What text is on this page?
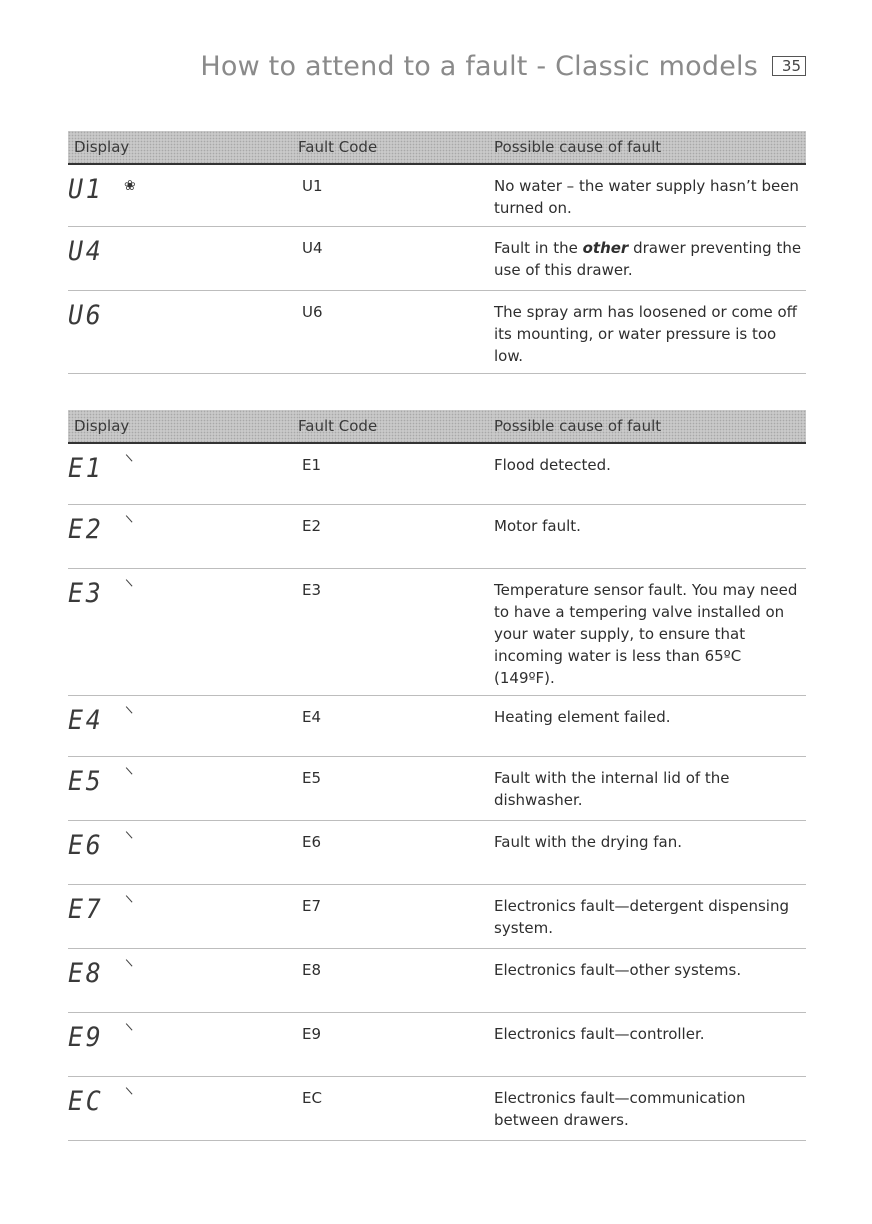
How to attend to a fault - Classic models	35
Display	Fault Code	Possible cause of fault

U1 ❀	U1	No water – the water supply hasn’t been turned on.

U4	U4	Fault in the other drawer preventing the use of this drawer.

U6	U6	The spray arm has loosened or come off its mounting, or water pressure is too low.
Display	Fault Code	Possible cause of fault

E1	E1	Flood detected.

E2	E2	Motor fault.

E3	E3	Temperature sensor fault. You may need to have a tempering valve installed on your water supply, to ensure that incoming water is less than 65ºC (149ºF).

E4	E4	Heating element failed.

E5	E5	Fault with the internal lid of the dishwasher.

E6	E6	Fault with the drying fan.

E7	E7	Electronics fault—detergent dispensing system.

E8	E8	Electronics fault—other systems.

E9	E9	Electronics fault—controller.

EC	EC	Electronics fault—communication between drawers.
